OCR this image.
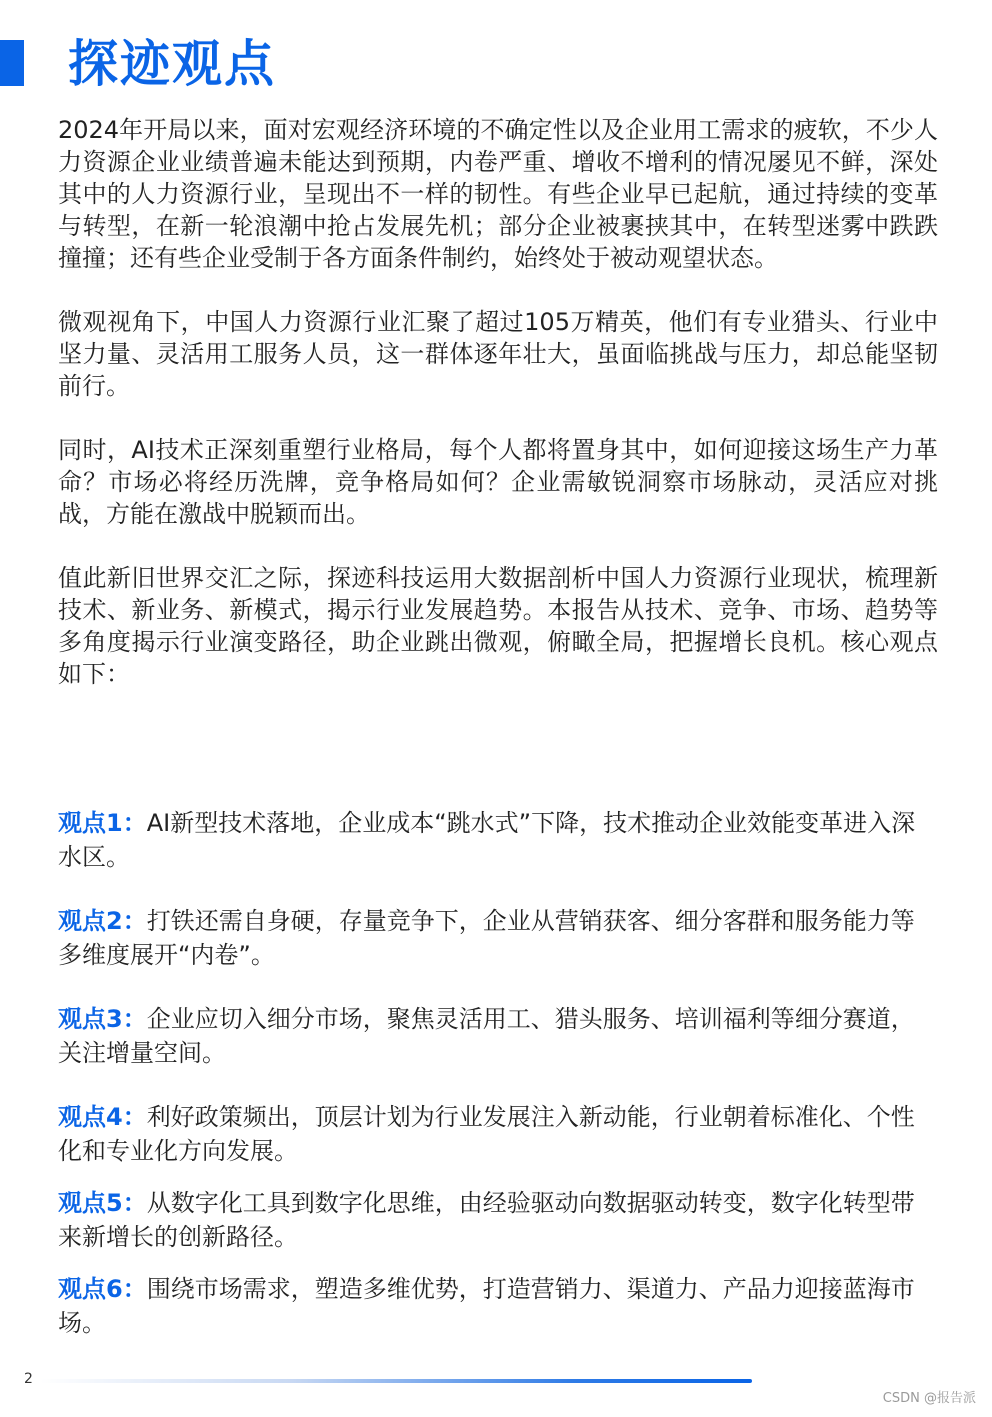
探迹观点

2024年开局以来，面对宏观经济环境的不确定性以及企业用工需求的疲软，不少人力资源企业业绩普遍未能达到预期，内卷严重、增收不增利的情况屡见不鲜，深处其中的人力资源行业，呈现出不一样的韧性。有些企业早已起航，通过持续的变革与转型，在新一轮浪潮中抢占发展先机；部分企业被裹挟其中，在转型迷雾中跌跌撞撞；还有些企业受制于各方面条件制约，始终处于被动观望状态。

微观视角下，中国人力资源行业汇聚了超过105万精英，他们有专业猎头、行业中坚力量、灵活用工服务人员，这一群体逐年壮大，虽面临挑战与压力，却总能坚韧前行。

同时，AI技术正深刻重塑行业格局，每个人都将置身其中，如何迎接这场生产力革命？市场必将经历洗牌，竞争格局如何？企业需敏锐洞察市场脉动，灵活应对挑战，方能在激战中脱颖而出。

值此新旧世界交汇之际，探迹科技运用大数据剖析中国人力资源行业现状，梳理新技术、新业务、新模式，揭示行业发展趋势。本报告从技术、竞争、市场、趋势等多角度揭示行业演变路径，助企业跳出微观，俯瞰全局，把握增长良机。核心观点如下：

观点1：AI新型技术落地，企业成本“跳水式”下降，技术推动企业效能变革进入深水区。

观点2：打铁还需自身硬，存量竞争下，企业从营销获客、细分客群和服务能力等多维度展开“内卷”。

观点3：企业应切入细分市场，聚焦灵活用工、猎头服务、培训福利等细分赛道，关注增量空间。

观点4：利好政策频出，顶层计划为行业发展注入新动能，行业朝着标准化、个性化和专业化方向发展。

观点5：从数字化工具到数字化思维，由经验驱动向数据驱动转变，数字化转型带来新增长的创新路径。

观点6：围绕市场需求，塑造多维优势，打造营销力、渠道力、产品力迎接蓝海市场。

2
CSDN @报告派
